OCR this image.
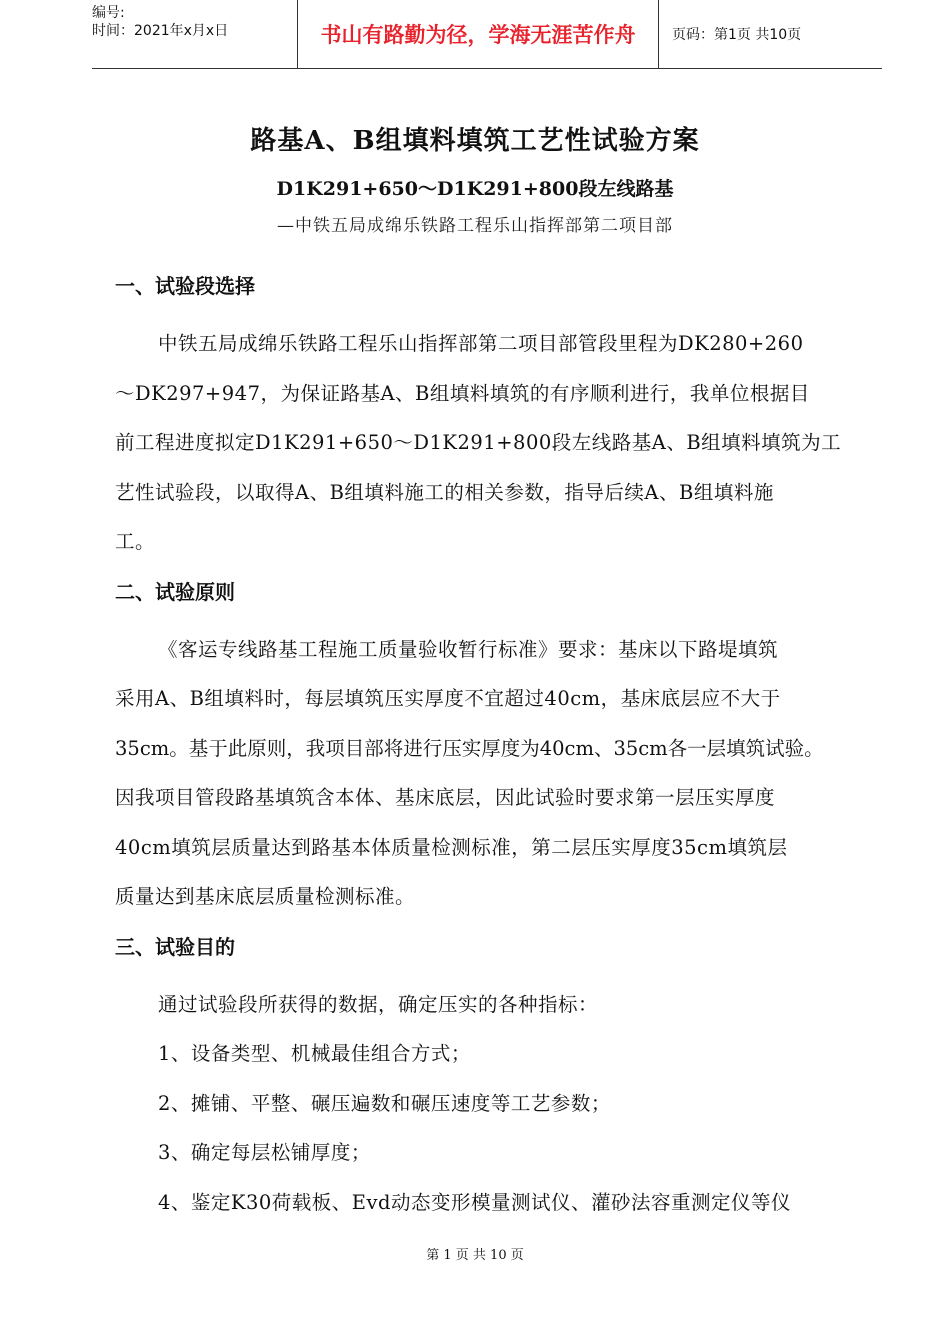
编号:
时间：2021年x月x日	书山有路勤为径，学海无涯苦作舟	页码：第1页 共10页
路基A、B组填料填筑工艺性试验方案
D1K291+650～D1K291+800段左线路基
—中铁五局成绵乐铁路工程乐山指挥部第二项目部
一、试验段选择
中铁五局成绵乐铁路工程乐山指挥部第二项目部管段里程为DK280+260
～DK297+947，为保证路基A、B组填料填筑的有序顺利进行，我单位根据目
前工程进度拟定D1K291+650～D1K291+800段左线路基A、B组填料填筑为工
艺性试验段，以取得A、B组填料施工的相关参数，指导后续A、B组填料施
工。
二、试验原则
《客运专线路基工程施工质量验收暂行标准》要求：基床以下路堤填筑
采用A、B组填料时，每层填筑压实厚度不宜超过40cm，基床底层应不大于
35cm。基于此原则，我项目部将进行压实厚度为40cm、35cm各一层填筑试验。
因我项目管段路基填筑含本体、基床底层，因此试验时要求第一层压实厚度
40cm填筑层质量达到路基本体质量检测标准，第二层压实厚度35cm填筑层
质量达到基床底层质量检测标准。
三、试验目的
通过试验段所获得的数据，确定压实的各种指标：
1、设备类型、机械最佳组合方式；
2、摊铺、平整、碾压遍数和碾压速度等工艺参数；
3、确定每层松铺厚度；
4、鉴定K30荷载板、Evd动态变形模量测试仪、灌砂法容重测定仪等仪
第 1 页 共 10 页
